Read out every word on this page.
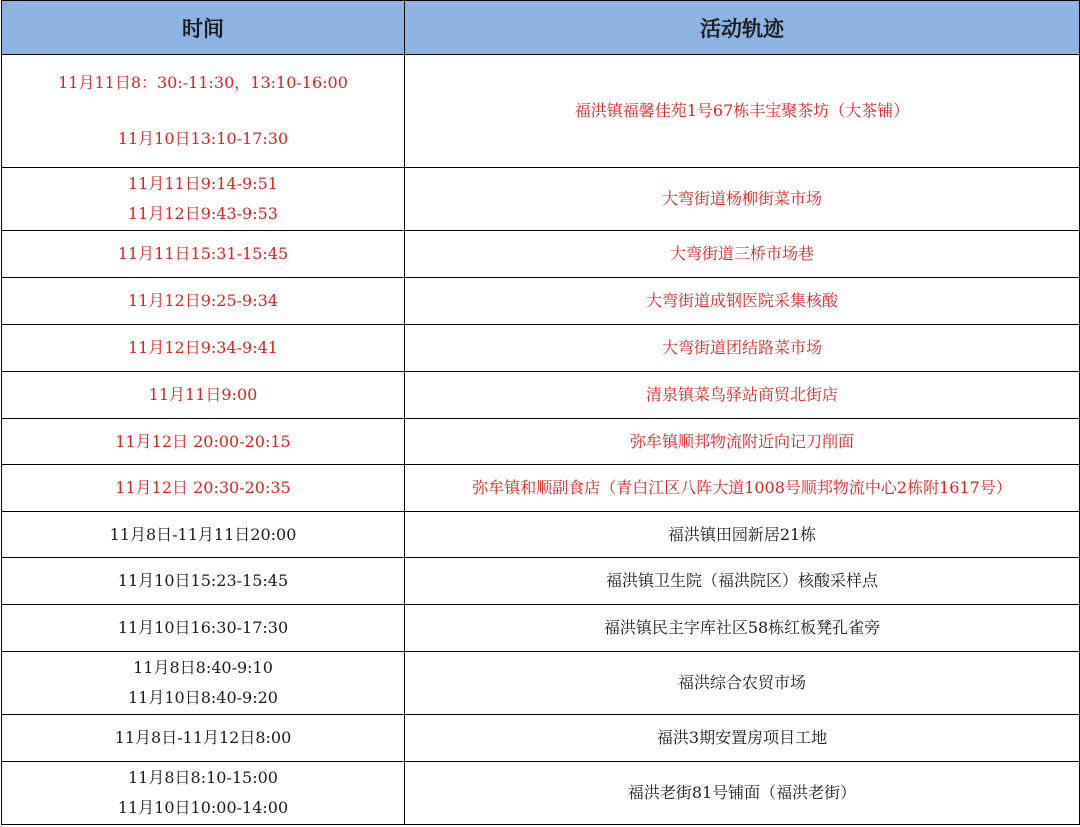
时间	活动轨迹

11月11日8：30:-11:30，13:10-16:00
11月10日13:10-17:30	福洪镇福馨佳苑1号67栋丰宝聚茶坊（大茶铺）

11月11日9:14-9:51
11月12日9:43-9:53	大弯街道杨柳街菜市场
11月11日15:31-15:45	大弯街道三桥市场巷
11月12日9:25-9:34	大弯街道成钢医院采集核酸
11月12日9:34-9:41	大弯街道团结路菜市场
11月11日9:00	清泉镇菜鸟驿站商贸北街店
11月12日 20:00-20:15	弥牟镇顺邦物流附近向记刀削面
11月12日 20:30-20:35	弥牟镇和顺副食店（青白江区八阵大道1008号顺邦物流中心2栋附1617号）
11月8日-11月11日20:00	福洪镇田园新居21栋
11月10日15:23-15:45	福洪镇卫生院（福洪院区）核酸采样点
11月10日16:30-17:30	福洪镇民主字库社区58栋红板凳孔雀旁

11月8日8:40-9:10
11月10日8:40-9:20	福洪综合农贸市场
11月8日-11月12日8:00	福洪3期安置房项目工地

11月8日8:10-15:00
11月10日10:00-14:00	福洪老街81号铺面（福洪老街）
